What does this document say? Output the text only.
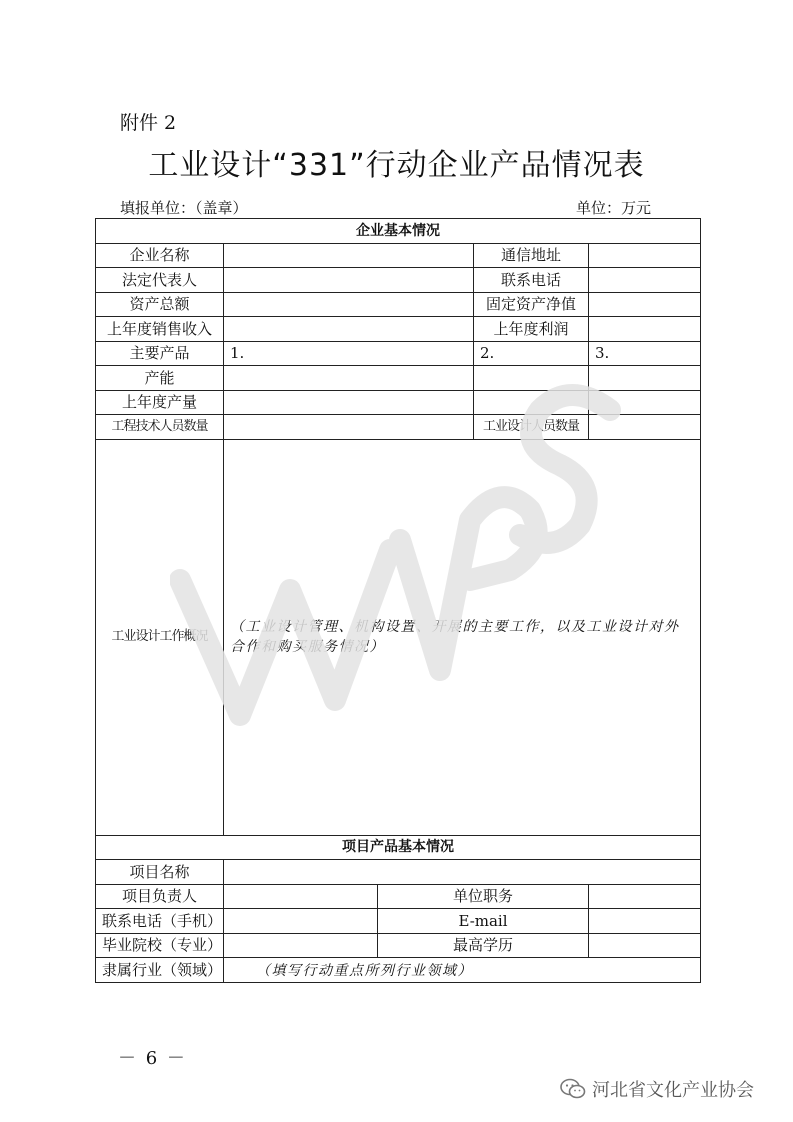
附件 2
工业设计“331”行动企业产品情况表
填报单位：（盖章）	单位：万元
企业基本情况				
企业名称			通信地址	
法定代表人			联系电话	
资产总额			固定资产净值	
上年度销售收入			上年度利润	
主要产品	1.		2.	3.
产能				
上年度产量				
工程技术人员数量			工业设计人员数量	
工业设计工作概况	（工业设计管理、机构设置、开展的主要工作，以及工业设计对外合作和购买服务情况）			

项目产品基本情况				
项目名称				
项目负责人		单位职务		
联系电话（手机）		E-mail		
毕业院校（专业）		最高学历		
隶属行业（领域）	（填写行动重点所列行业领域）			
－ 6 －
河北省文化产业协会
